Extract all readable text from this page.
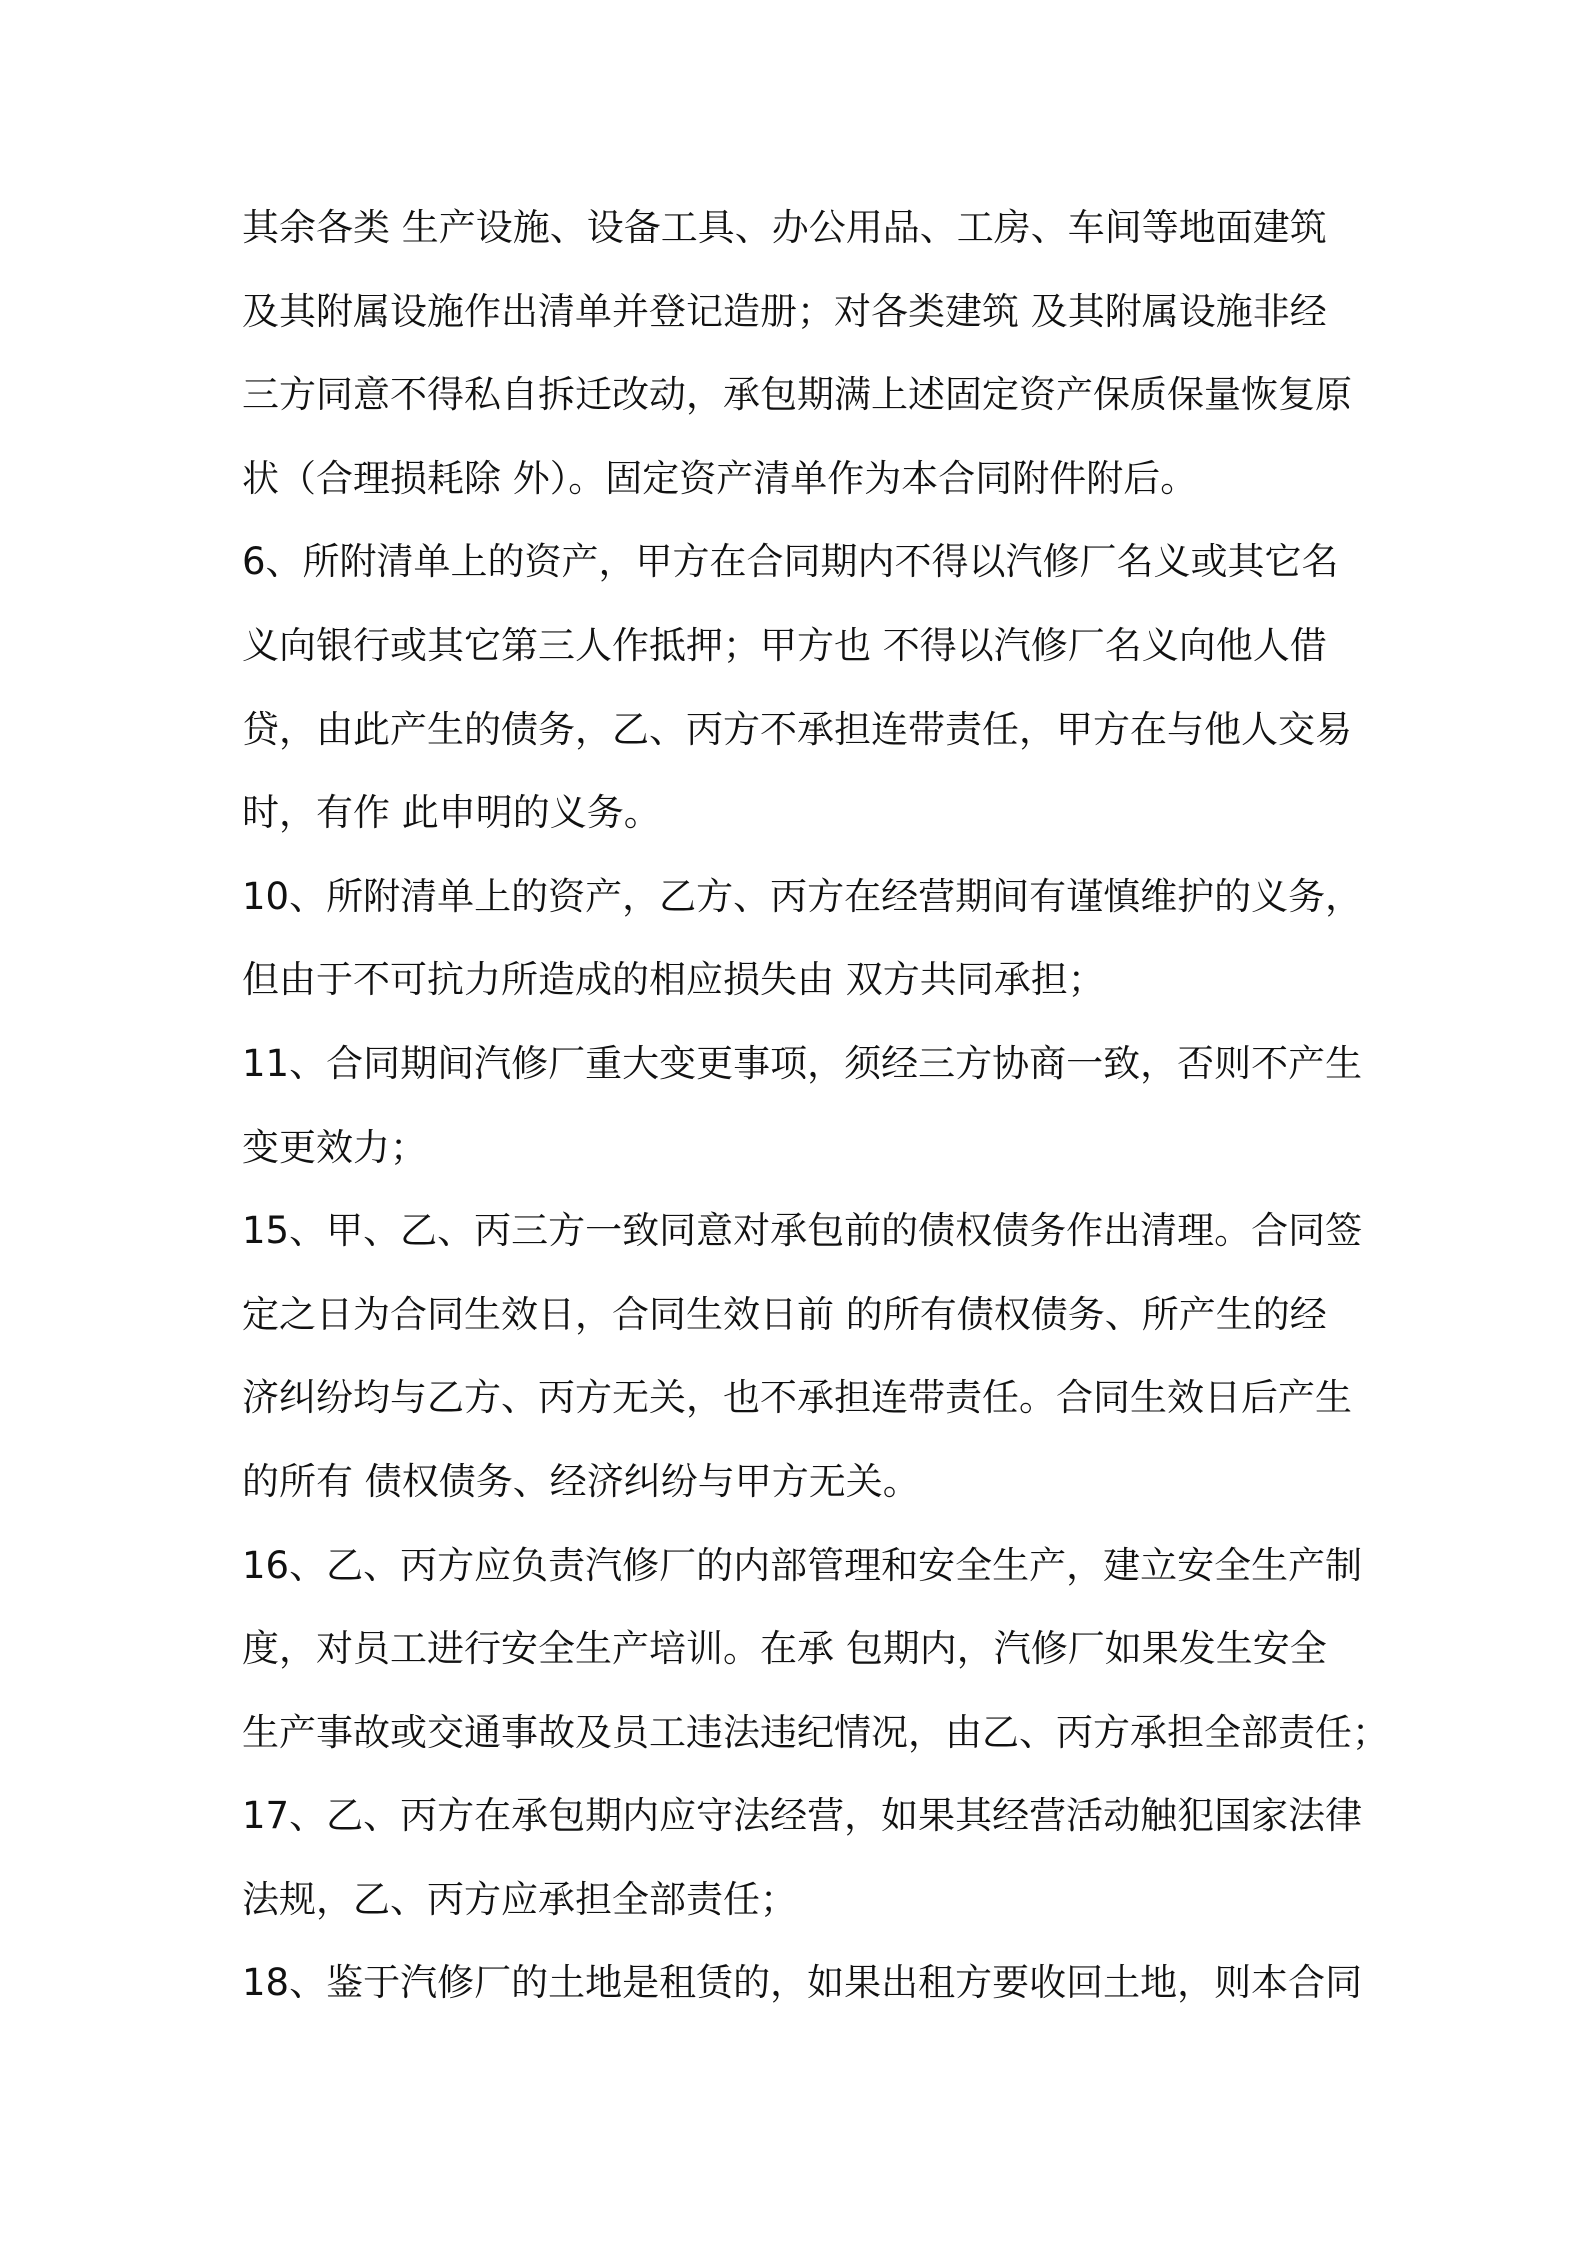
其余各类 生产设施、设备工具、办公用品、工房、车间等地面建筑
及其附属设施作出清单并登记造册；对各类建筑 及其附属设施非经
三方同意不得私自拆迁改动，承包期满上述固定资产保质保量恢复原
状（合理损耗除 外）。固定资产清单作为本合同附件附后。
6、所附清单上的资产，甲方在合同期内不得以汽修厂名义或其它名
义向银行或其它第三人作抵押；甲方也 不得以汽修厂名义向他人借
贷，由此产生的债务，乙、丙方不承担连带责任，甲方在与他人交易
时，有作 此申明的义务。
10、所附清单上的资产，乙方、丙方在经营期间有谨慎维护的义务，
但由于不可抗力所造成的相应损失由 双方共同承担；
11、合同期间汽修厂重大变更事项，须经三方协商一致，否则不产生
变更效力；
15、甲、乙、丙三方一致同意对承包前的债权债务作出清理。合同签
定之日为合同生效日，合同生效日前 的所有债权债务、所产生的经
济纠纷均与乙方、丙方无关，也不承担连带责任。合同生效日后产生
的所有 债权债务、经济纠纷与甲方无关。
16、乙、丙方应负责汽修厂的内部管理和安全生产，建立安全生产制
度，对员工进行安全生产培训。在承 包期内，汽修厂如果发生安全
生产事故或交通事故及员工违法违纪情况，由乙、丙方承担全部责任；
17、乙、丙方在承包期内应守法经营，如果其经营活动触犯国家法律
法规，乙、丙方应承担全部责任；
18、鉴于汽修厂的土地是租赁的，如果出租方要收回土地，则本合同
